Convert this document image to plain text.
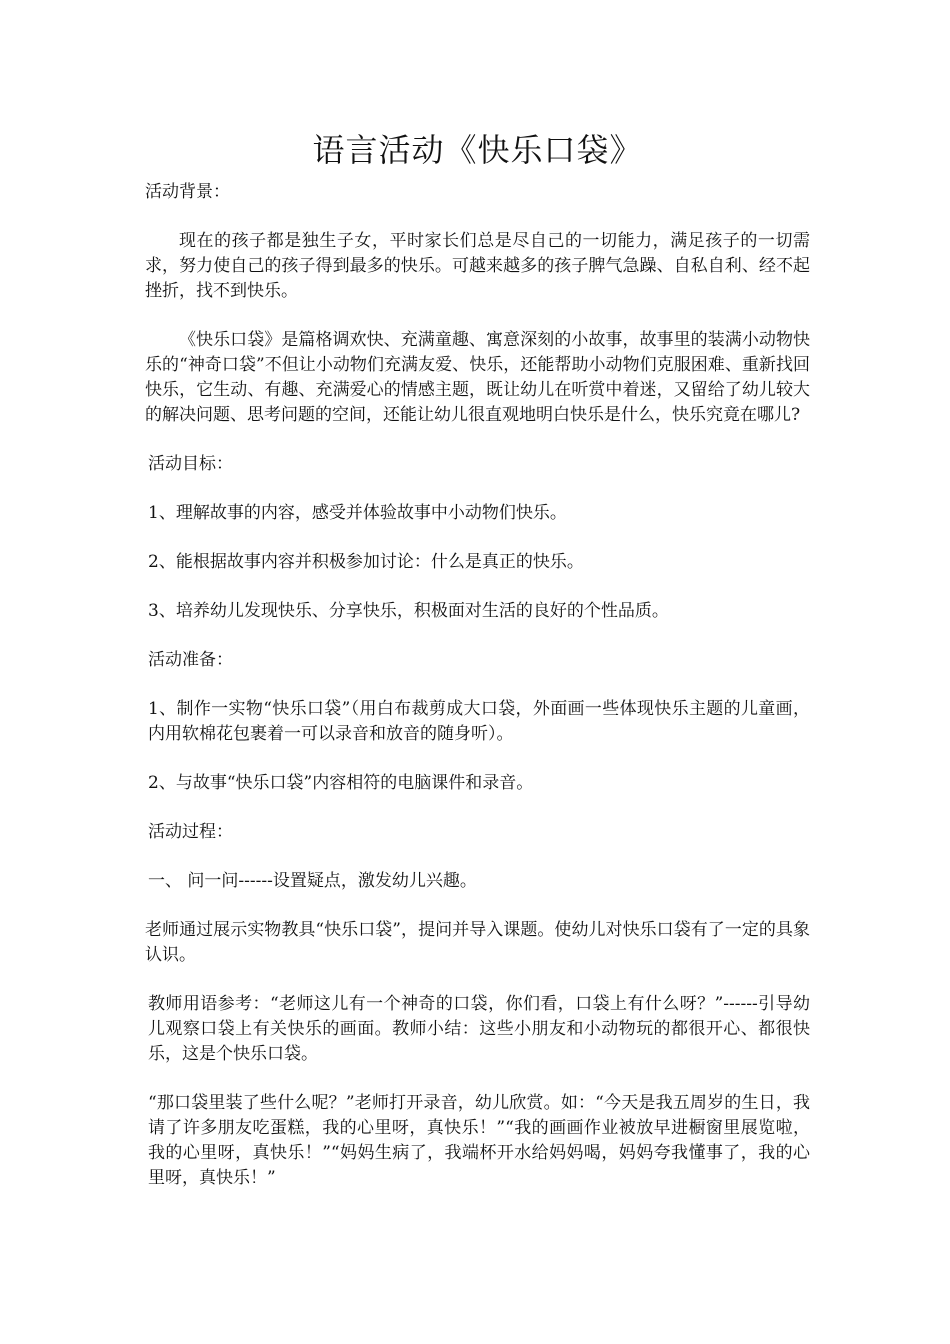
语言活动《快乐口袋》

活动背景：

现在的孩子都是独生子女，平时家长们总是尽自己的一切能力，满足孩子的一切需求，努力使自己的孩子得到最多的快乐。可越来越多的孩子脾气急躁、自私自利、经不起挫折，找不到快乐。

《快乐口袋》是篇格调欢快、充满童趣、寓意深刻的小故事，故事里的装满小动物快乐的“神奇口袋”不但让小动物们充满友爱、快乐，还能帮助小动物们克服困难、重新找回快乐，它生动、有趣、充满爱心的情感主题，既让幼儿在听赏中着迷，又留给了幼儿较大的解决问题、思考问题的空间，还能让幼儿很直观地明白快乐是什么，快乐究竟在哪儿?

活动目标：

1、理解故事的内容，感受并体验故事中小动物们快乐。

2、能根据故事内容并积极参加讨论：什么是真正的快乐。

3、培养幼儿发现快乐、分享快乐，积极面对生活的良好的个性品质。

活动准备：

1、制作一实物“快乐口袋”（用白布裁剪成大口袋，外面画一些体现快乐主题的儿童画，内用软棉花包裹着一可以录音和放音的随身听）。

2、与故事“快乐口袋”内容相符的电脑课件和录音。

活动过程：

一、 问一问------设置疑点，激发幼儿兴趣。

老师通过展示实物教具“快乐口袋”，提问并导入课题。使幼儿对快乐口袋有了一定的具象认识。

教师用语参考：“老师这儿有一个神奇的口袋，你们看，口袋上有什么呀？”------引导幼儿观察口袋上有关快乐的画面。教师小结：这些小朋友和小动物玩的都很开心、都很快乐，这是个快乐口袋。

“那口袋里装了些什么呢？”老师打开录音，幼儿欣赏。如：“今天是我五周岁的生日，我请了许多朋友吃蛋糕，我的心里呀，真快乐！”“我的画画作业被放早进橱窗里展览啦，我的心里呀，真快乐！”“妈妈生病了，我端杯开水给妈妈喝，妈妈夸我懂事了，我的心里呀，真快乐！”
